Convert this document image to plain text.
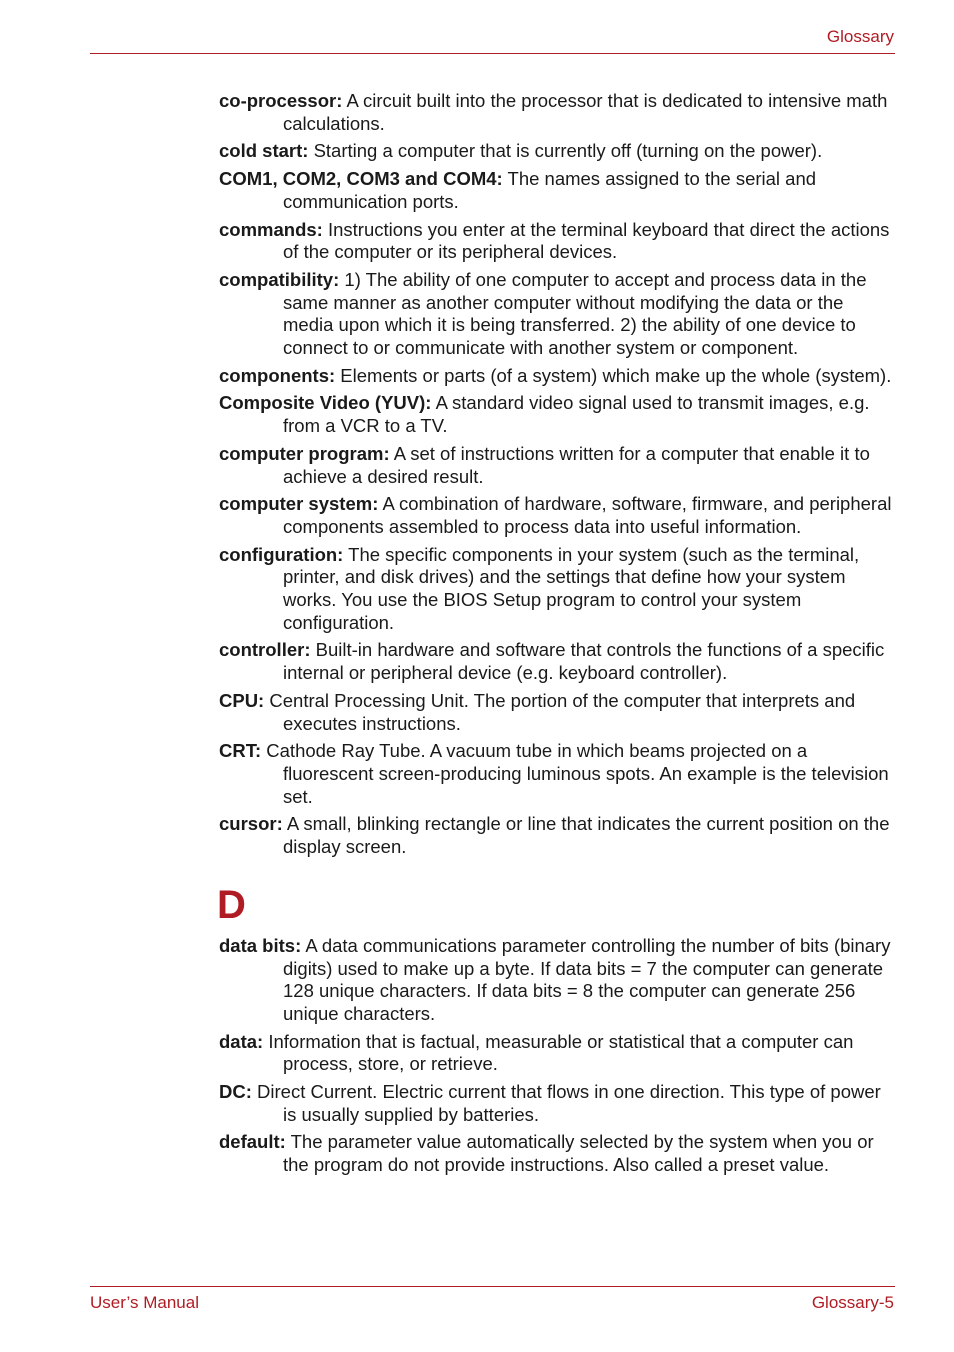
Glossary

co-processor: A circuit built into the processor that is dedicated to intensive math calculations.

cold start: Starting a computer that is currently off (turning on the power).

COM1, COM2, COM3 and COM4: The names assigned to the serial and communication ports.

commands: Instructions you enter at the terminal keyboard that direct the actions of the computer or its peripheral devices.

compatibility: 1) The ability of one computer to accept and process data in the same manner as another computer without modifying the data or the media upon which it is being transferred. 2) the ability of one device to connect to or communicate with another system or component.

components: Elements or parts (of a system) which make up the whole (system).

Composite Video (YUV): A standard video signal used to transmit images, e.g. from a VCR to a TV.

computer program: A set of instructions written for a computer that enable it to achieve a desired result.

computer system: A combination of hardware, software, firmware, and peripheral components assembled to process data into useful information.

configuration: The specific components in your system (such as the terminal, printer, and disk drives) and the settings that define how your system works. You use the BIOS Setup program to control your system configuration.

controller: Built-in hardware and software that controls the functions of a specific internal or peripheral device (e.g. keyboard controller).

CPU: Central Processing Unit. The portion of the computer that interprets and executes instructions.

CRT: Cathode Ray Tube. A vacuum tube in which beams projected on a fluorescent screen-producing luminous spots. An example is the television set.

cursor: A small, blinking rectangle or line that indicates the current position on the display screen.

D

data bits: A data communications parameter controlling the number of bits (binary digits) used to make up a byte. If data bits = 7 the computer can generate 128 unique characters. If data bits = 8 the computer can generate 256 unique characters.

data: Information that is factual, measurable or statistical that a computer can process, store, or retrieve.

DC: Direct Current. Electric current that flows in one direction. This type of power is usually supplied by batteries.

default: The parameter value automatically selected by the system when you or the program do not provide instructions. Also called a preset value.

User’s Manual	Glossary-5
